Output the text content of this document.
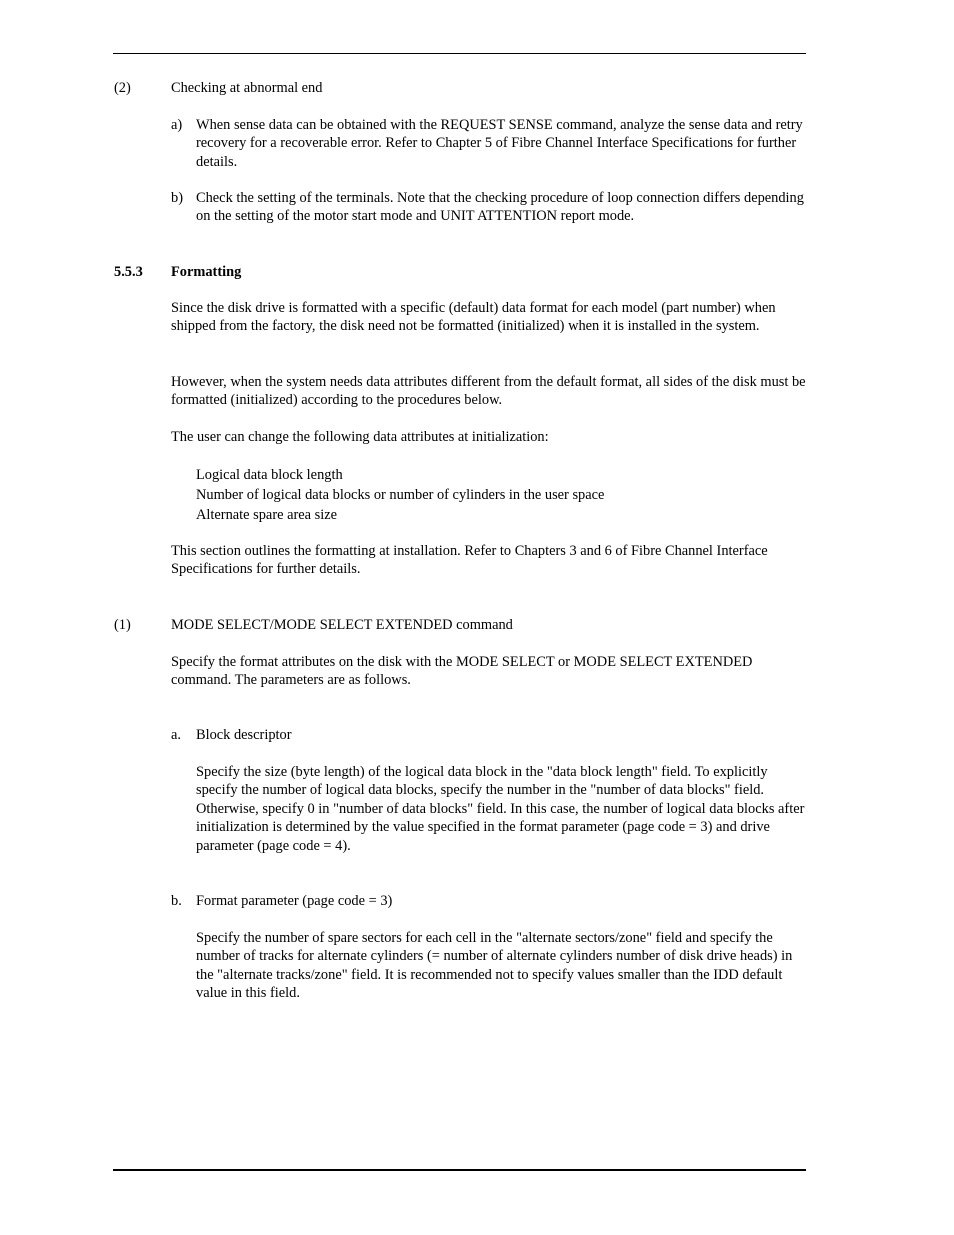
(2)	Checking at abnormal end
a) When sense data can be obtained with the REQUEST SENSE command, analyze the sense data and retry recovery for a recoverable error. Refer to Chapter 5 of Fibre Channel Interface Specifications for further details.

b) Check the setting of the terminals. Note that the checking procedure of loop connection differs depending on the setting of the motor start mode and UNIT ATTENTION report mode.

5.5.3 Formatting

Since the disk drive is formatted with a specific (default) data format for each model (part number) when shipped from the factory, the disk need not be formatted (initialized) when it is installed in the system.

However, when the system needs data attributes different from the default format, all sides of the disk must be formatted (initialized) according to the procedures below.

The user can change the following data attributes at initialization:

Logical data block length
Number of logical data blocks or number of cylinders in the user space
Alternate spare area size

This section outlines the formatting at installation. Refer to Chapters 3 and 6 of Fibre Channel Interface Specifications for further details.

(1)	MODE SELECT/MODE SELECT EXTENDED command

Specify the format attributes on the disk with the MODE SELECT or MODE SELECT EXTENDED command. The parameters are as follows.

a. Block descriptor

Specify the size (byte length) of the logical data block in the "data block length" field. To explicitly specify the number of logical data blocks, specify the number in the "number of data blocks" field. Otherwise, specify 0 in "number of data blocks" field. In this case, the number of logical data blocks after initialization is determined by the value specified in the format parameter (page code = 3) and drive parameter (page code = 4).

b. Format parameter (page code = 3)

Specify the number of spare sectors for each cell in the "alternate sectors/zone" field and specify the number of tracks for alternate cylinders (= number of alternate cylinders number of disk drive heads) in the "alternate tracks/zone" field. It is recommended not to specify values smaller than the IDD default value in this field.
